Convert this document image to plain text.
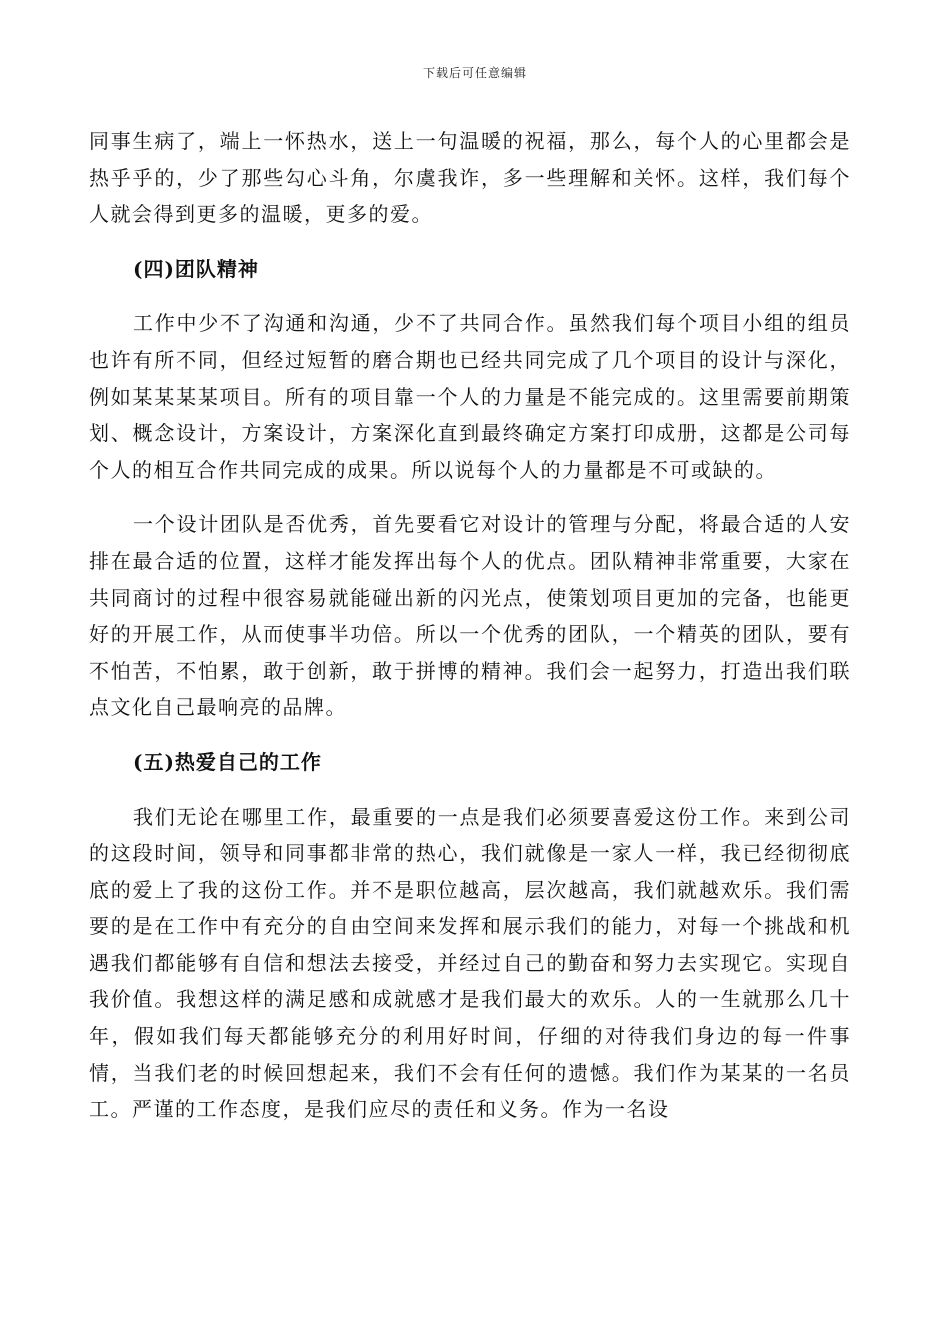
下载后可任意编辑

同事生病了，端上一怀热水，送上一句温暖的祝福，那么，每个人的心里都会是热乎乎的，少了那些勾心斗角，尔虞我诈，多一些理解和关怀。这样，我们每个人就会得到更多的温暖，更多的爱。

(四)团队精神

工作中少不了沟通和沟通，少不了共同合作。虽然我们每个项目小组的组员也许有所不同，但经过短暂的磨合期也已经共同完成了几个项目的设计与深化，例如某某某某项目。所有的项目靠一个人的力量是不能完成的。这里需要前期策划、概念设计，方案设计，方案深化直到最终确定方案打印成册，这都是公司每个人的相互合作共同完成的成果。所以说每个人的力量都是不可或缺的。

一个设计团队是否优秀，首先要看它对设计的管理与分配，将最合适的人安排在最合适的位置，这样才能发挥出每个人的优点。团队精神非常重要，大家在共同商讨的过程中很容易就能碰出新的闪光点，使策划项目更加的完备，也能更好的开展工作，从而使事半功倍。所以一个优秀的团队，一个精英的团队，要有不怕苦，不怕累，敢于创新，敢于拼博的精神。我们会一起努力，打造出我们联点文化自己最响亮的品牌。

(五)热爱自己的工作

我们无论在哪里工作，最重要的一点是我们必须要喜爱这份工作。来到公司的这段时间，领导和同事都非常的热心，我们就像是一家人一样，我已经彻彻底底的爱上了我的这份工作。并不是职位越高，层次越高，我们就越欢乐。我们需要的是在工作中有充分的自由空间来发挥和展示我们的能力，对每一个挑战和机遇我们都能够有自信和想法去接受，并经过自己的勤奋和努力去实现它。实现自我价值。我想这样的满足感和成就感才是我们最大的欢乐。人的一生就那么几十年，假如我们每天都能够充分的利用好时间，仔细的对待我们身边的每一件事情，当我们老的时候回想起来，我们不会有任何的遗憾。我们作为某某的一名员工。严谨的工作态度，是我们应尽的责任和义务。作为一名设
